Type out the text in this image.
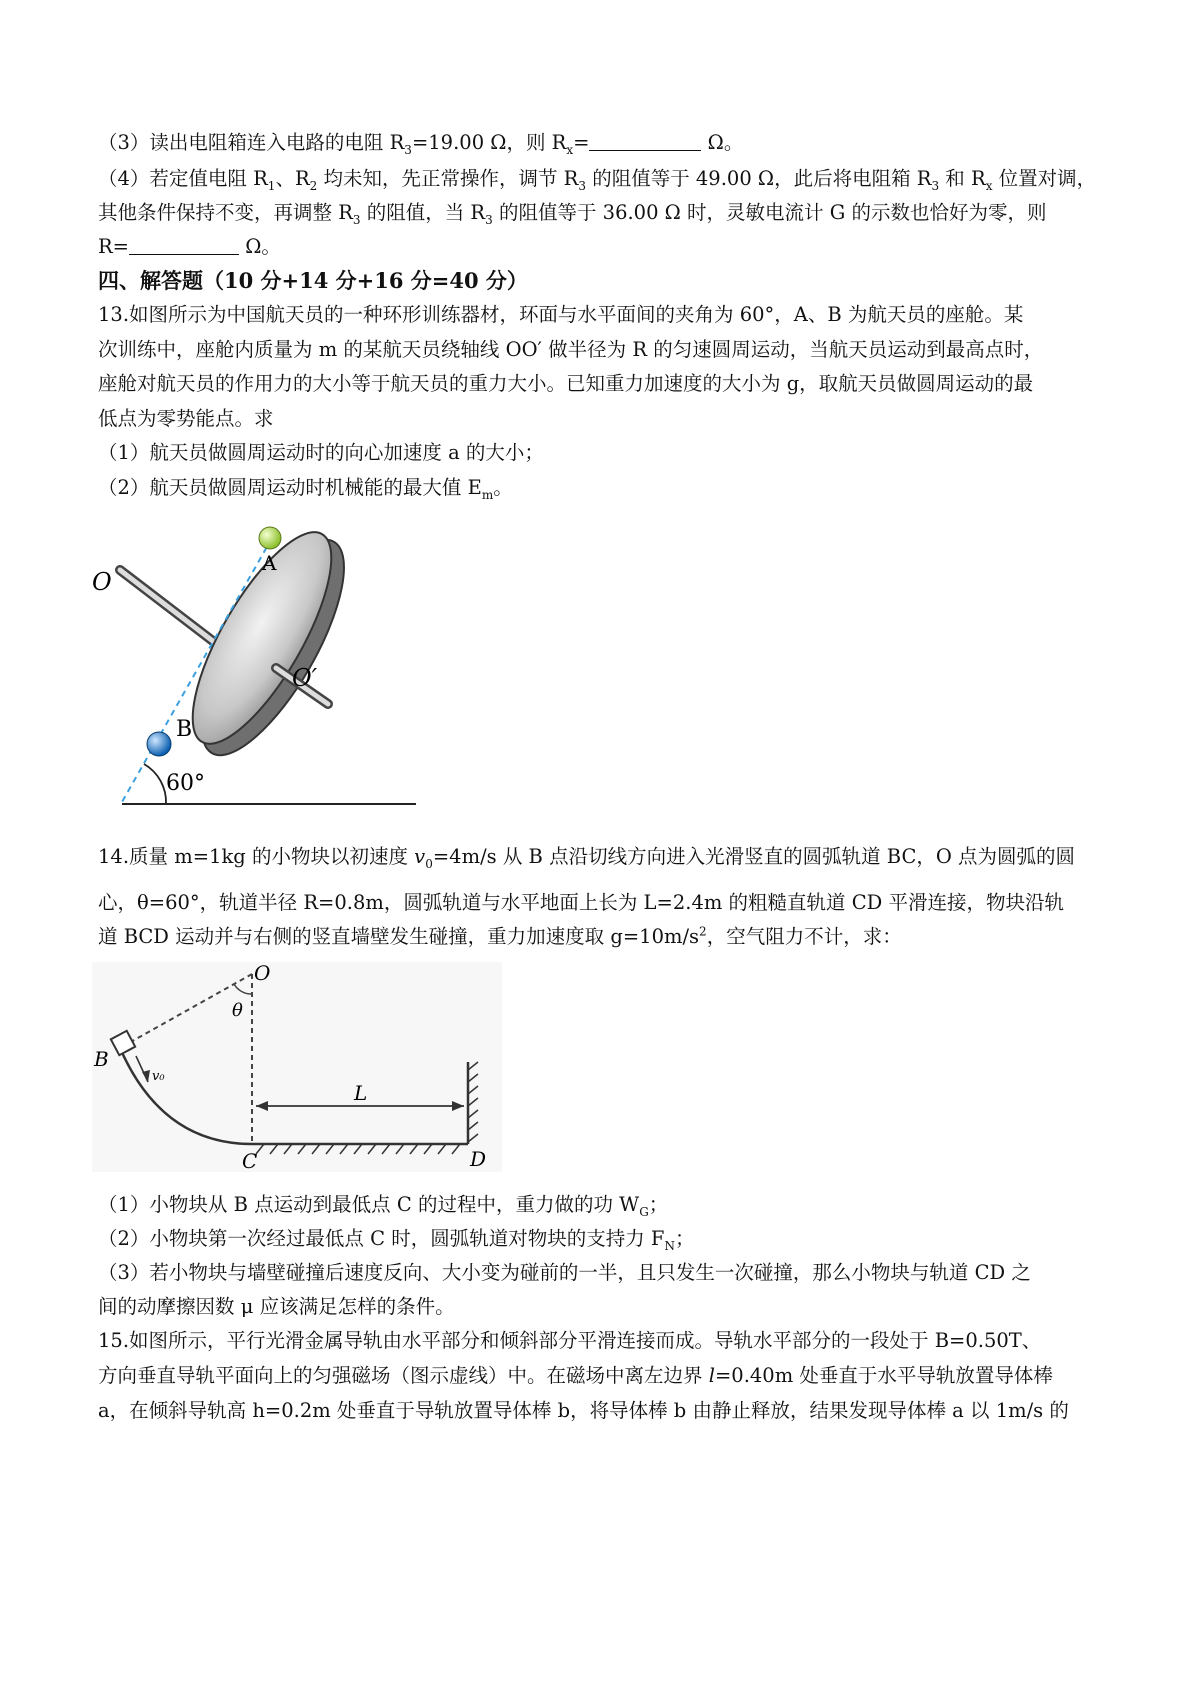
（3）读出电阻箱连入电路的电阻 $R_3=19.00$ Ω，则 $R_x=$	Ω。
（4）若定值电阻 $R_1$、$R_2$ 均未知，先正常操作，调节 $R_3$ 的阻值等于 49.00 Ω，此后将电阻箱 $R_3$ 和 $R_x$ 位置对调，
其他条件保持不变，再调整 $R_3$ 的阻值，当 $R_3$ 的阻值等于 36.00 Ω 时，灵敏电流计 G 的示数也恰好为零，则
R=	Ω。
四、解答题（10 分+14 分+16 分=40 分）
13.如图所示为中国航天员的一种环形训练器材，环面与水平面间的夹角为 60°，A、B 为航天员的座舱。某
次训练中，座舱内质量为 m 的某航天员绕轴线 OO′ 做半径为 R 的匀速圆周运动，当航天员运动到最高点时，
座舱对航天员的作用力的大小等于航天员的重力大小。已知重力加速度的大小为 g，取航天员做圆周运动的最
低点为零势能点。求
（1）航天员做圆周运动时的向心加速度 a 的大小；
（2）航天员做圆周运动时机械能的最大值 $E_m$。
O
O′
A
B
60°
14.质量 m=1kg 的小物块以初速度 $v_0=4m/s$ 从 B 点沿切线方向进入光滑竖直的圆弧轨道 BC，O 点为圆弧的圆
心，θ=60°，轨道半径 R=0.8m，圆弧轨道与水平地面上长为 L=2.4m 的粗糙直轨道 CD 平滑连接，物块沿轨
道 BCD 运动并与右侧的竖直墙壁发生碰撞，重力加速度取 $g=10m/s^2$，空气阻力不计，求：
O
θ
B
v₀
L
C	D
（1）小物块从 B 点运动到最低点 C 的过程中，重力做的功 $W_G$；
（2）小物块第一次经过最低点 C 时，圆弧轨道对物块的支持力 $F_N$；
（3）若小物块与墙壁碰撞后速度反向、大小变为碰前的一半，且只发生一次碰撞，那么小物块与轨道 CD 之
间的动摩擦因数 μ 应该满足怎样的条件。
15.如图所示，平行光滑金属导轨由水平部分和倾斜部分平滑连接而成。导轨水平部分的一段处于 B=0.50T、
方向垂直导轨平面向上的匀强磁场（图示虚线）中。在磁场中离左边界 l=0.40m 处垂直于水平导轨放置导体棒
a，在倾斜导轨高 h=0.2m 处垂直于导轨放置导体棒 b，将导体棒 b 由静止释放，结果发现导体棒 a 以 1m/s 的
